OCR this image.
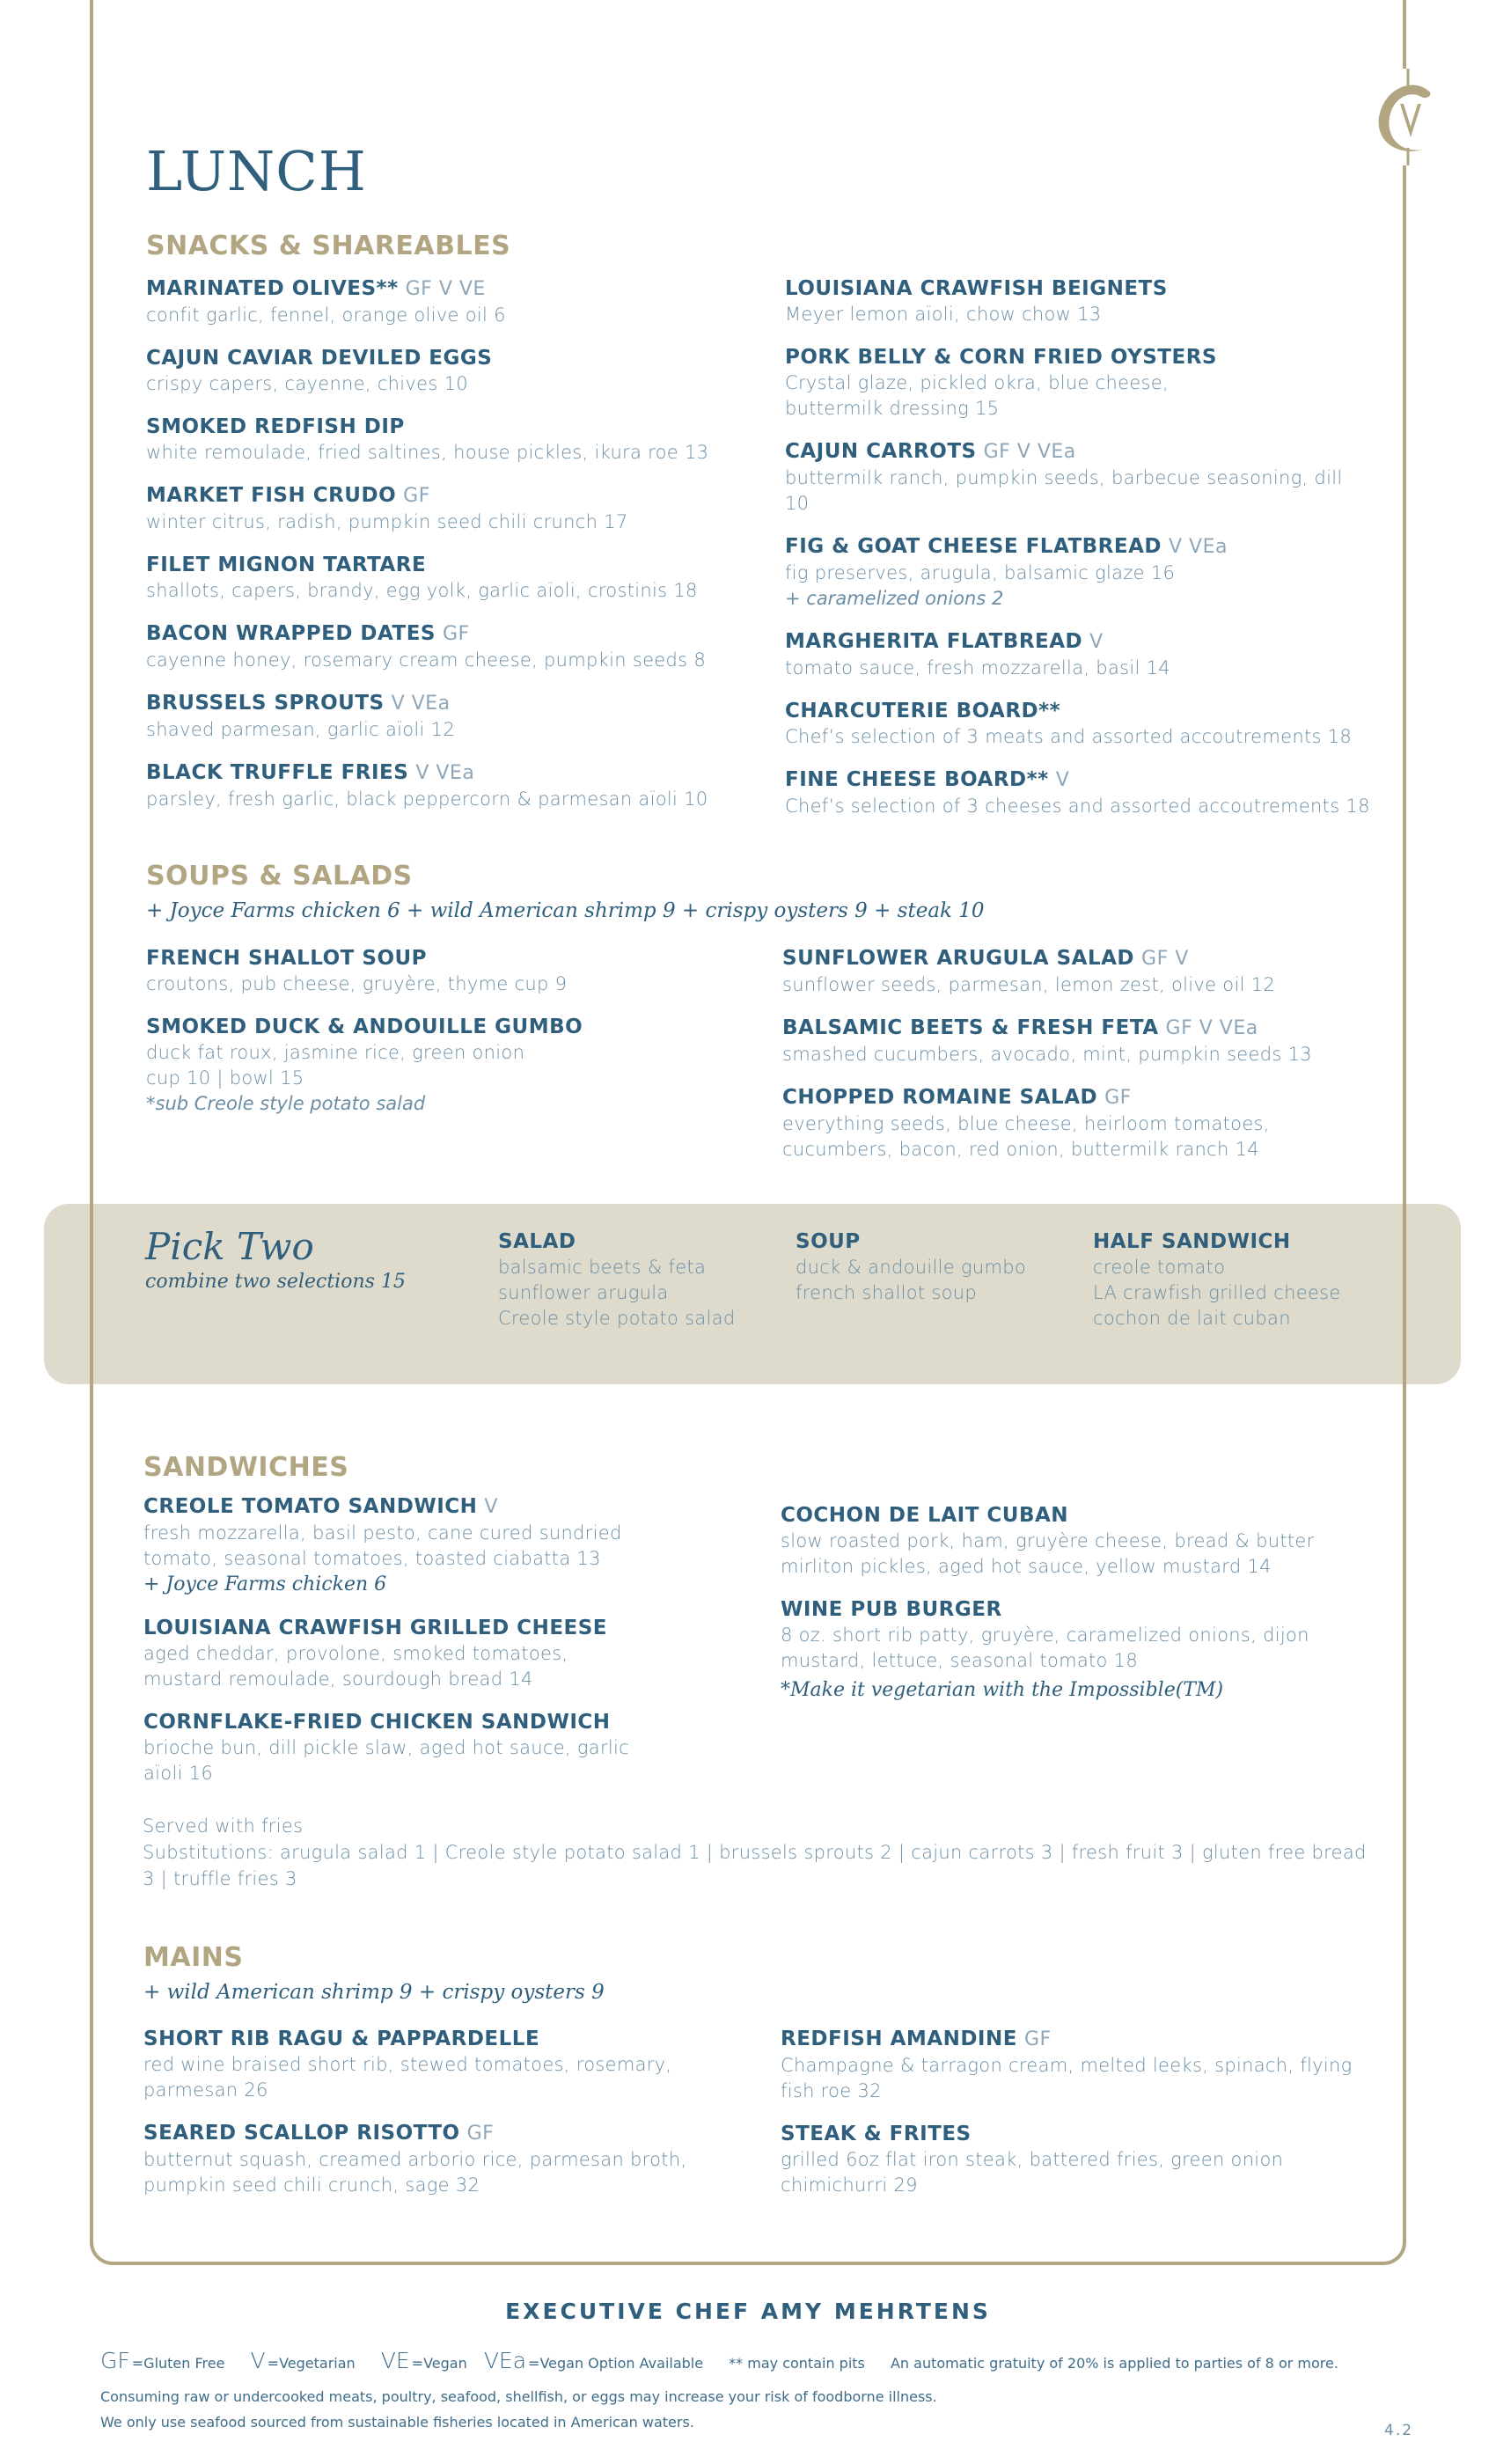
LUNCH
SNACKS & SHAREABLES
MARINATED OLIVES** GF V VE
confit garlic, fennel, orange olive oil 6
CAJUN CAVIAR DEVILED EGGS
crispy capers, cayenne, chives 10
SMOKED REDFISH DIP
white remoulade, fried saltines, house pickles, ikura roe 13
MARKET FISH CRUDO GF
winter citrus, radish, pumpkin seed chili crunch 17
FILET MIGNON TARTARE
shallots, capers, brandy, egg yolk, garlic aïoli, crostinis 18
BACON WRAPPED DATES GF
cayenne honey, rosemary cream cheese, pumpkin seeds 8
BRUSSELS SPROUTS V VEa
shaved parmesan, garlic aïoli 12
BLACK TRUFFLE FRIES V VEa
parsley, fresh garlic, black peppercorn & parmesan aïoli 10
LOUISIANA CRAWFISH BEIGNETS
Meyer lemon aïoli, chow chow 13
PORK BELLY & CORN FRIED OYSTERS
Crystal glaze, pickled okra, blue cheese, buttermilk dressing 15
CAJUN CARROTS GF V VEa
buttermilk ranch, pumpkin seeds, barbecue seasoning, dill 10
FIG & GOAT CHEESE FLATBREAD V VEa
fig preserves, arugula, balsamic glaze 16
+ caramelized onions 2
MARGHERITA FLATBREAD V
tomato sauce, fresh mozzarella, basil 14
CHARCUTERIE BOARD**
Chef’s selection of 3 meats and assorted accoutrements 18
FINE CHEESE BOARD** V
Chef’s selection of 3 cheeses and assorted accoutrements 18
SOUPS & SALADS
+ Joyce Farms chicken 6 + wild American shrimp 9 + crispy oysters 9 + steak 10
FRENCH SHALLOT SOUP
croutons, pub cheese, gruyère, thyme cup 9
SMOKED DUCK & ANDOUILLE GUMBO
duck fat roux, jasmine rice, green onion
cup 10 | bowl 15
*sub Creole style potato salad
SUNFLOWER ARUGULA SALAD GF V
sunflower seeds, parmesan, lemon zest, olive oil 12
BALSAMIC BEETS & FRESH FETA GF V VEa
smashed cucumbers, avocado, mint, pumpkin seeds 13
CHOPPED ROMAINE SALAD GF
everything seeds, blue cheese, heirloom tomatoes, cucumbers, bacon, red onion, buttermilk ranch 14
Pick Two
combine two selections 15
SALAD
balsamic beets & feta
sunflower arugula
Creole style potato salad
SOUP
duck & andouille gumbo
french shallot soup
HALF SANDWICH
creole tomato
LA crawfish grilled cheese
cochon de lait cuban
SANDWICHES
CREOLE TOMATO SANDWICH V
fresh mozzarella, basil pesto, cane cured sundried tomato, seasonal tomatoes, toasted ciabatta 13
+ Joyce Farms chicken 6
LOUISIANA CRAWFISH GRILLED CHEESE
aged cheddar, provolone, smoked tomatoes, mustard remoulade, sourdough bread 14
CORNFLAKE-FRIED CHICKEN SANDWICH
brioche bun, dill pickle slaw, aged hot sauce, garlic aïoli 16
COCHON DE LAIT CUBAN
slow roasted pork, ham, gruyère cheese, bread & butter mirliton pickles, aged hot sauce, yellow mustard 14
WINE PUB BURGER
8 oz. short rib patty, gruyère, caramelized onions, dijon mustard, lettuce, seasonal tomato 18
*Make it vegetarian with the Impossible(TM)
Served with fries
Substitutions: arugula salad 1 | Creole style potato salad 1 | brussels sprouts 2 | cajun carrots 3 | fresh fruit 3 | gluten free bread 3 | truffle fries 3
MAINS
+ wild American shrimp 9 + crispy oysters 9
SHORT RIB RAGU & PAPPARDELLE
red wine braised short rib, stewed tomatoes, rosemary, parmesan 26
SEARED SCALLOP RISOTTO GF
butternut squash, creamed arborio rice, parmesan broth, pumpkin seed chili crunch, sage 32
REDFISH AMANDINE GF
Champagne & tarragon cream, melted leeks, spinach, flying fish roe 32
STEAK & FRITES
grilled 6oz flat iron steak, battered fries, green onion chimichurri 29
EXECUTIVE CHEF AMY MEHRTENS
GF =Gluten Free V =Vegetarian VE =Vegan VEa =Vegan Option Available ** may contain pits An automatic gratuity of 20% is applied to parties of 8 or more.
Consuming raw or undercooked meats, poultry, seafood, shellfish, or eggs may increase your risk of foodborne illness.
We only use seafood sourced from sustainable fisheries located in American waters.	4.2
